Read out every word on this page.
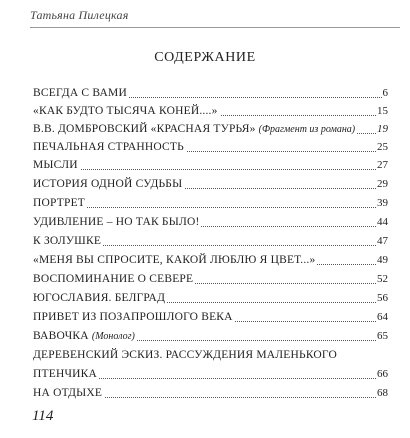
Татьяна Пилецкая
СОДЕРЖАНИЕ
ВСЕГДА С ВАМИ	6
«КАК БУДТО ТЫСЯЧА КОНЕЙ....»	15
В.В. ДОМБРОВСКИЙ «КРАСНАЯ ТУРЬЯ» (Фрагмент из романа) 19
ПЕЧАЛЬНАЯ СТРАННОСТЬ	25
МЫСЛИ	27
ИСТОРИЯ ОДНОЙ СУДЬБЫ	29
ПОРТРЕТ	39
УДИВЛЕНИЕ – НО ТАК БЫЛО!	44
К ЗОЛУШКЕ	47
«МЕНЯ ВЫ СПРОСИТЕ, КАКОЙ ЛЮБЛЮ Я ЦВЕТ...»	49
ВОСПОМИНАНИЕ О СЕВЕРЕ	52
ЮГОСЛАВИЯ. БЕЛГРАД	56
ПРИВЕТ ИЗ ПОЗАПРОШЛОГО ВЕКА	64
ВАВОЧКА (Монолог)	65
ДЕРЕВЕНСКИЙ ЭСКИЗ. РАССУЖДЕНИЯ МАЛЕНЬКОГО
ПТЕНЧИКА	66
НА ОТДЫХЕ	68
114
